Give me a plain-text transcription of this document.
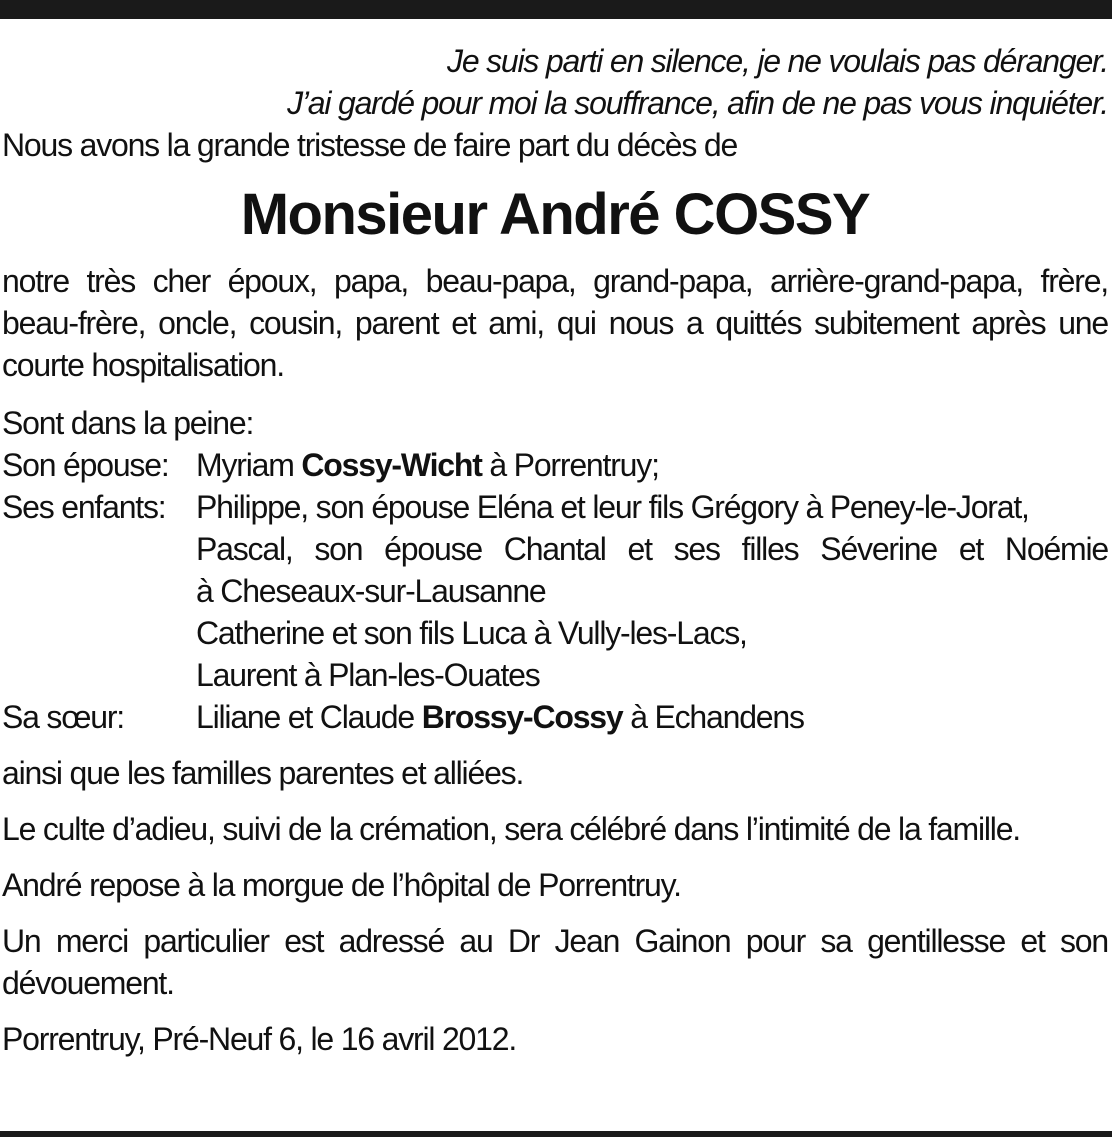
Je suis parti en silence, je ne voulais pas déranger.
J’ai gardé pour moi la souffrance, afin de ne pas vous inquiéter.

Nous avons la grande tristesse de faire part du décès de

Monsieur André COSSY

notre très cher époux, papa, beau-papa, grand-papa, arrière-grand-papa, frère, beau-frère, oncle, cousin, parent et ami, qui nous a quittés subitement après une courte hospitalisation.

Sont dans la peine:

Son épouse: Myriam Cossy-Wicht à Porrentruy;
Ses enfants: Philippe, son épouse Eléna et leur fils Grégory à Peney-le-Jorat,
Pascal, son épouse Chantal et ses filles Séverine et Noémie
à Cheseaux-sur-Lausanne
Catherine et son fils Luca à Vully-les-Lacs,
Laurent à Plan-les-Ouates
Sa sœur:	Liliane et Claude Brossy-Cossy à Echandens

ainsi que les familles parentes et alliées.

Le culte d’adieu, suivi de la crémation, sera célébré dans l’intimité de la famille.

André repose à la morgue de l’hôpital de Porrentruy.

Un merci particulier est adressé au Dr Jean Gainon pour sa gentillesse et son dévouement.

Porrentruy, Pré-Neuf 6, le 16 avril 2012.
